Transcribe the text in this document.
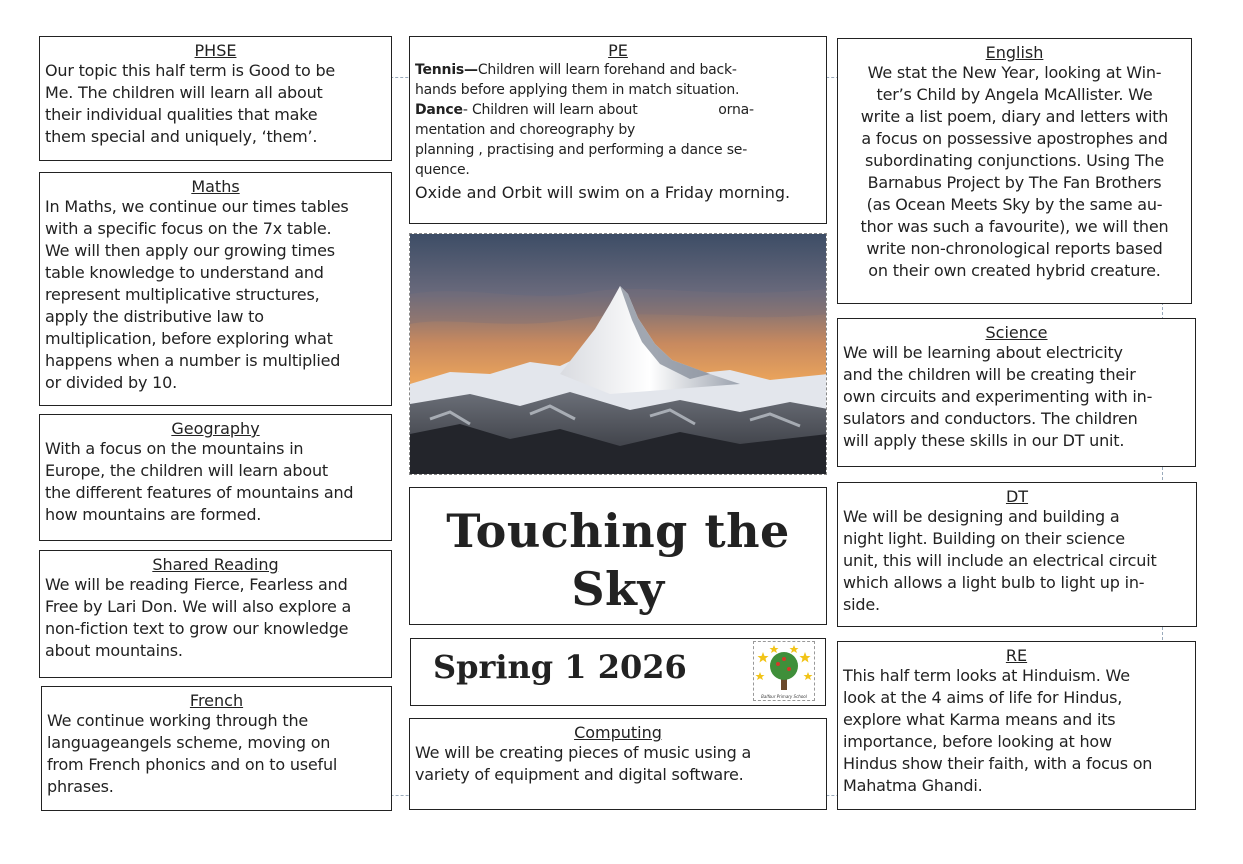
PHSE

Our topic this half term is Good to be
Me. The children will learn all about
their individual qualities that make
them special and uniquely, ‘them’.

Maths

In Maths, we continue our times tables
with a specific focus on the 7x table.
We will then apply our growing times
table knowledge to understand and
represent multiplicative structures,
apply the distributive law to
multiplication, before exploring what
happens when a number is multiplied
or divided by 10.

Geography

With a focus on the mountains in
Europe, the children will learn about
the different features of mountains and
how mountains are formed.

Shared Reading

We will be reading Fierce, Fearless and
Free by Lari Don. We will also explore a
non-fiction text to grow our knowledge
about mountains.

French

We continue working through the
languageangels scheme, moving on
from French phonics and on to useful
phrases.

PE

Tennis—Children will learn forehand and back-
hands before applying them in match situation.

Dance- Children will learn about                   orna-
mentation and choreography by
planning , practising and performing a dance se-
quence.

Oxide and Orbit will swim on a Friday morning.

Touching the
Sky

Spring 1 2026

Balfour Primary School

Computing

We will be creating pieces of music using a
variety of equipment and digital software.

English

We stat the New Year, looking at Win-
ter’s Child by Angela McAllister. We
write a list poem, diary and letters with
a focus on possessive apostrophes and
subordinating conjunctions. Using The
Barnabus Project by The Fan Brothers
(as Ocean Meets Sky by the same au-
thor was such a favourite), we will then
write non-chronological reports based
on their own created hybrid creature.

Science

We will be learning about electricity
and the children will be creating their
own circuits and experimenting with in-
sulators and conductors. The children
will apply these skills in our DT unit.

DT

We will be designing and building a
night light. Building on their science
unit, this will include an electrical circuit
which allows a light bulb to light up in-
side.

RE

This half term looks at Hinduism. We
look at the 4 aims of life for Hindus,
explore what Karma means and its
importance, before looking at how
Hindus show their faith, with a focus on
Mahatma Ghandi.
